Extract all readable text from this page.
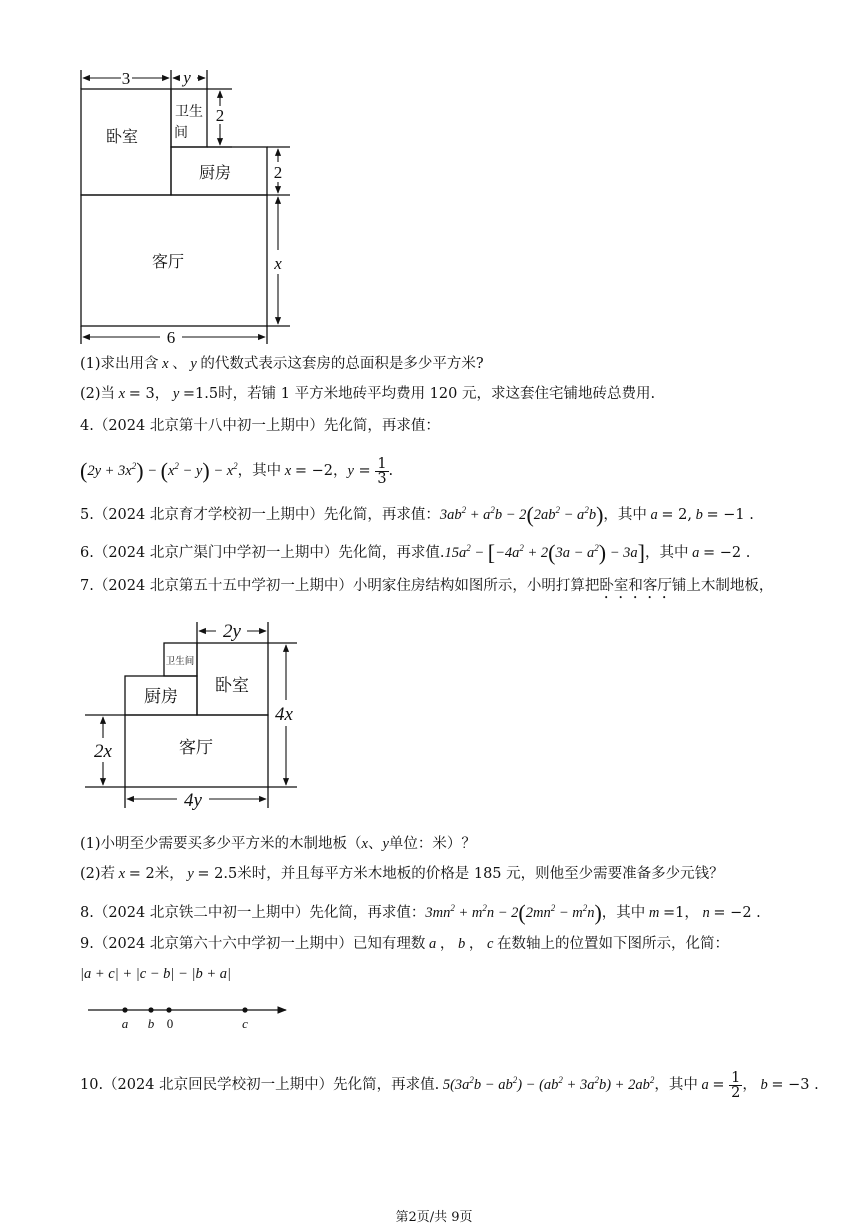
3	y
2
2
x
6
卧室
卫生
间
厨房
客厅
(1)求出用含 x 、 y 的代数式表示这套房的总面积是多少平方米?
(2)当 x = 3， y =1.5时，若铺 1 平方米地砖平均费用 120 元，求这套住宅铺地砖总费用.
4.（2024 北京第十八中初一上期中）先化简，再求值：
$(2y + 3x^2) - (x^2 - y) - x^2$，其中 x = −2，$y = \frac{1}{3}$ .
5.（2024 北京育才学校初一上期中）先化简，再求值：$3ab^2 + a^2b - 2(2ab^2 - a^2b)$，其中 a = 2, b = −1 .
6.（2024 北京广渠门中学初一上期中）先化简，再求值$.15a^2 - [-4a^2 + 2(3a - a^2) - 3a]$，其中 a = −2 .
7.（2024 北京第五十五中学初一上期中）小明家住房结构如图所示，小明打算把卧室和客厅铺上木制地板，
2y
4x
2x
4y
卫生间
厨房
卧室
客厅
(1)小明至少需要买多少平方米的木制地板（x、y单位：米）？
(2)若 x = 2米， y = 2.5米时，并且每平方米木地板的价格是 185 元，则他至少需要准备多少元钱？
8.（2024 北京铁二中初一上期中）先化简，再求值：$3mn^2 + m^2n - 2(2mn^2 - m^2n)$，其中 m =1， n = −2 .
9.（2024 北京第六十六中学初一上期中）已知有理数 a ， b ， c 在数轴上的位置如下图所示，化简：
|a + c| + |c − b| − |b + a|
a b 0	c
10.（2024 北京回民学校初一上期中）先化简，再求值. $5(3a^2b - ab^2) - (ab^2 + 3a^2b) + 2ab^2$，其中 $a = \frac{1}{2}$ ， b = −3 .
第2页/共 9页
